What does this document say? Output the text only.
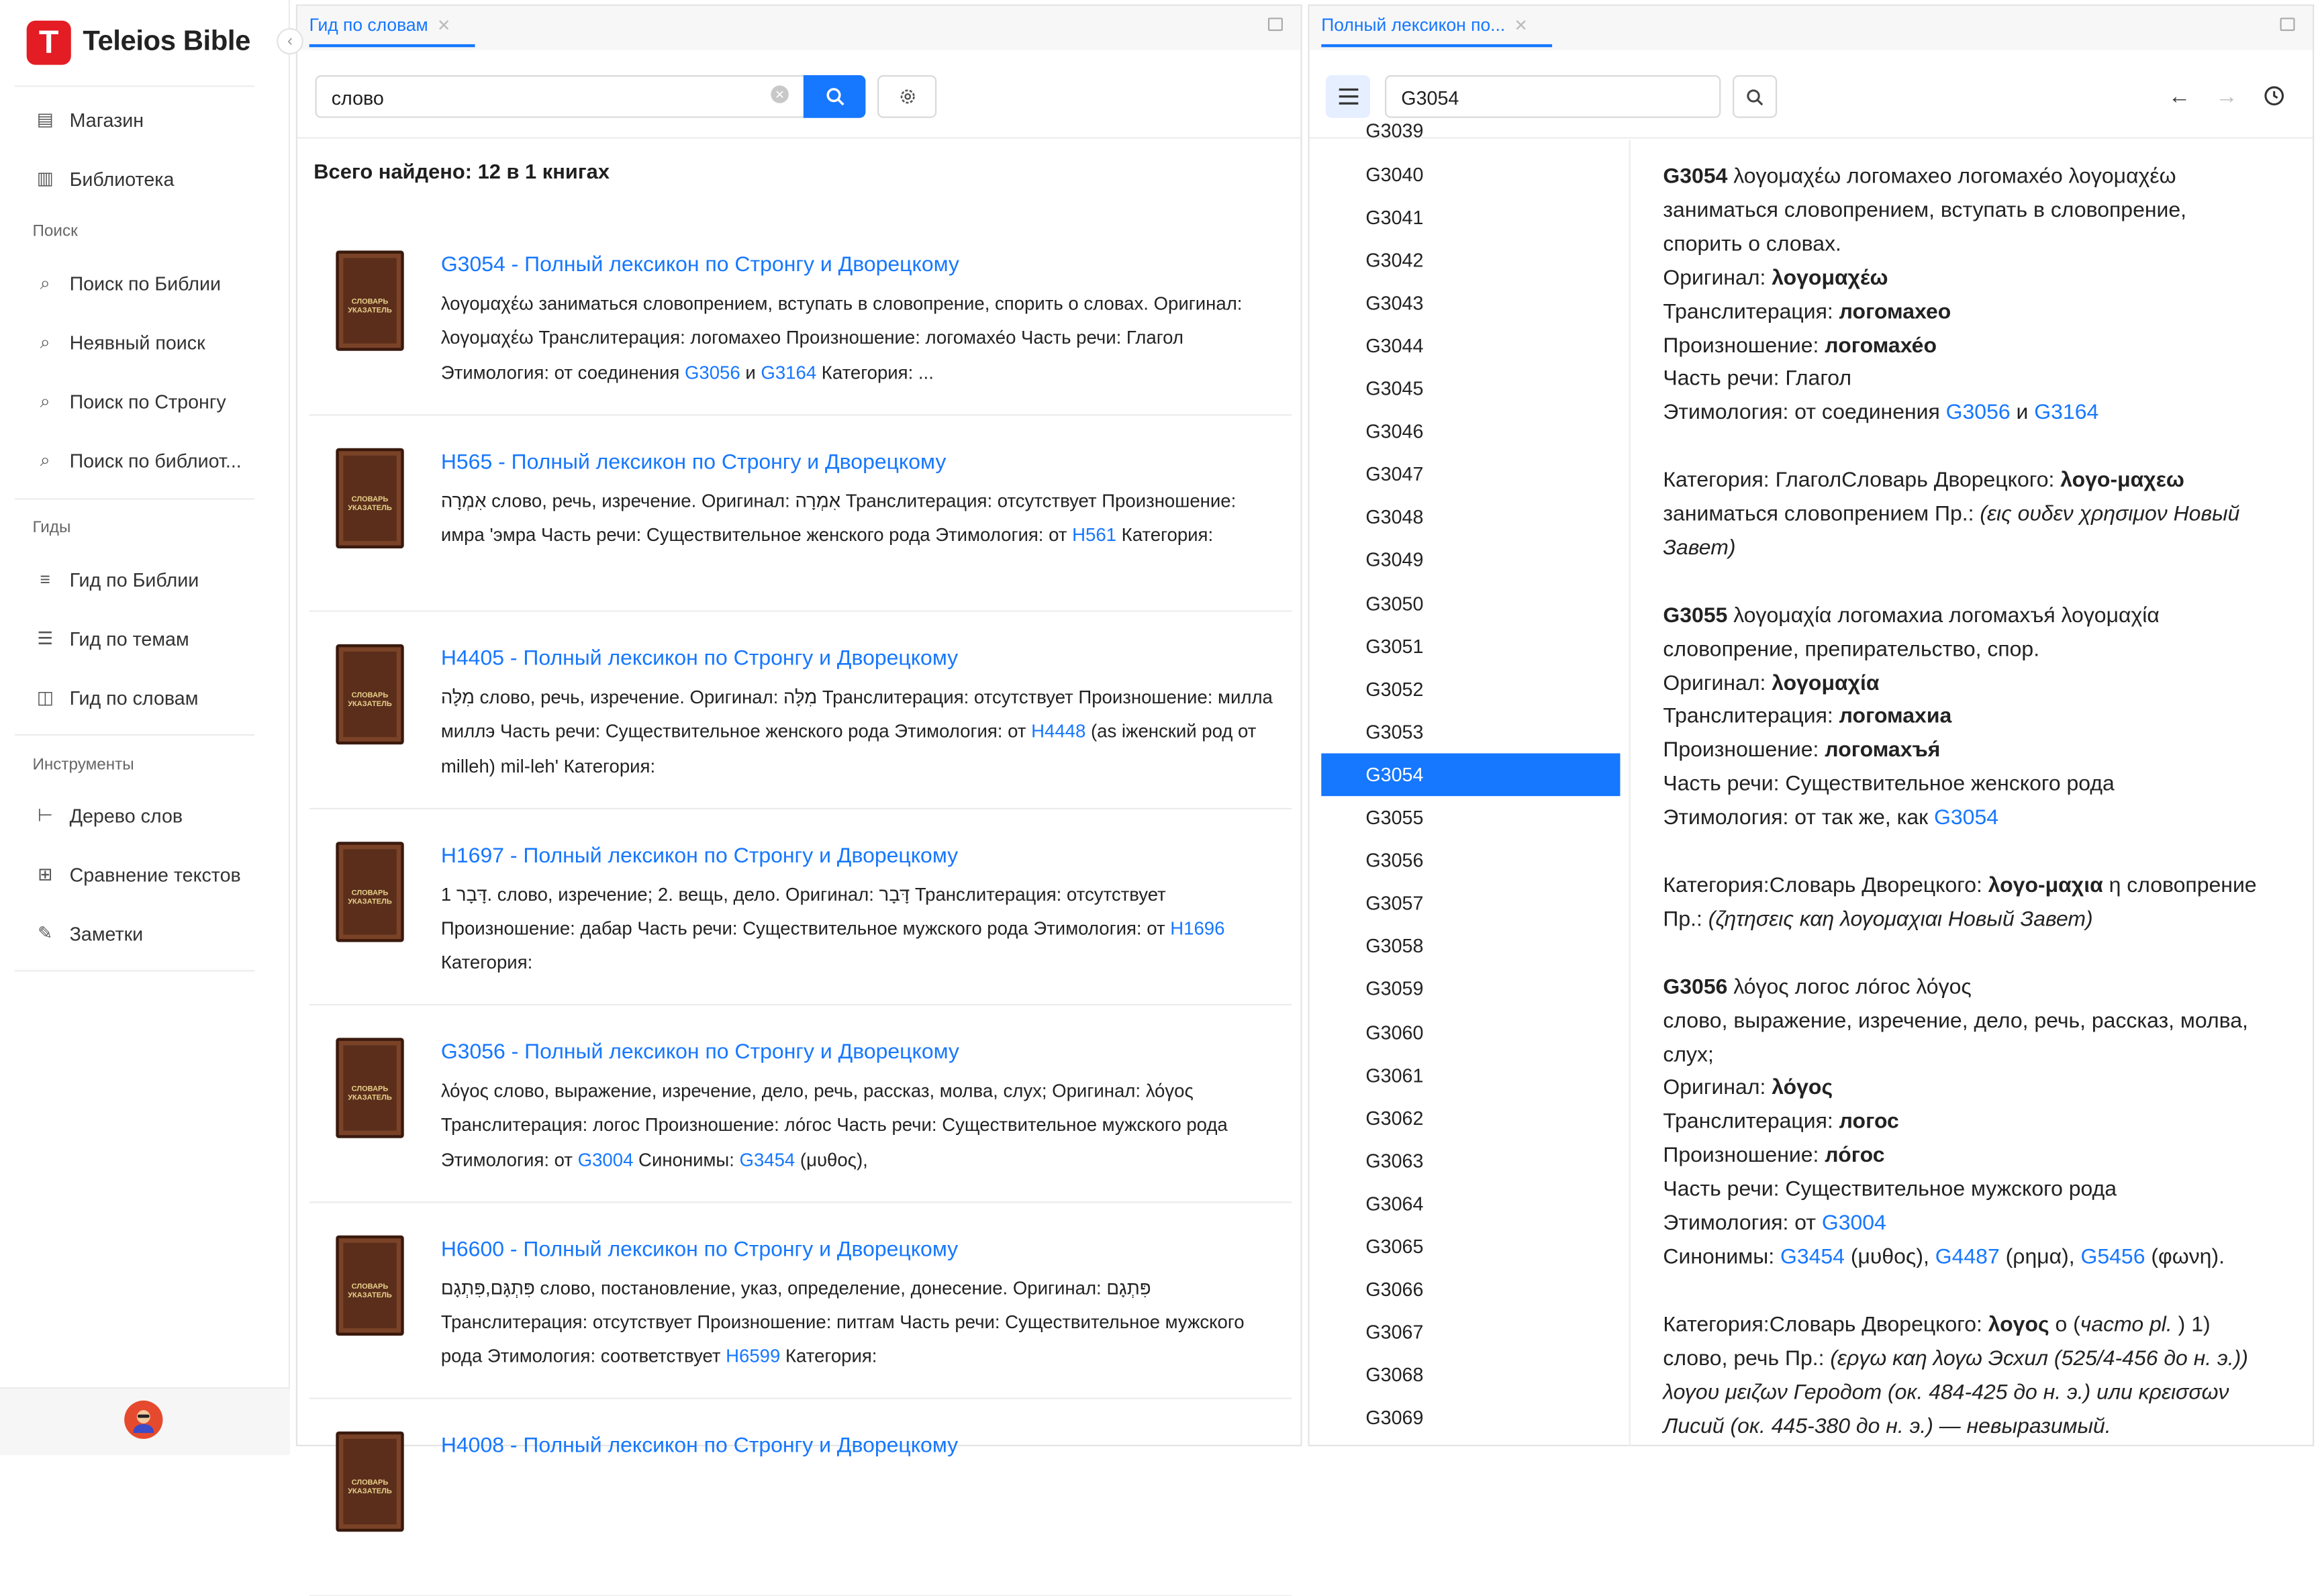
T	Teleios Bible
▤ Магазин
▥ Библиотека
Поиск
⌕	Поиск по Библии
⌕	Неявный поиск
⌕	Поиск по Стронгу
⌕	Поиск по библиот...
Гиды
≡	Гид по Библии
☰ Гид по темам
◫ Гид по словам
Инструменты
⊢ Дерево слов
⊞ Сравнение текстов
✎ Заметки
‹
Гид по словам ✕
слово	✕
Всего найдено: 12 в 1 книгах
СЛОВАРЬ УКАЗАТЕЛЬ
G3054 - Полный лексикон по Стронгу и Дворецкому
λογομαχέω заниматься словопрением, вступать в словопрение, спорить о словах. Оригинал: λογομαχέω Транслитерация: логомахео Произношение: логомахе́о Часть речи: Глагол Этимология: от соединения G3056 и G3164 Категория: ...
СЛОВАРЬ УКАЗАТЕЛЬ
H565 - Полный лексикон по Стронгу и Дворецкому
אִמְרָה слово, речь, изречение. Оригинал: אִמְרָה Транслитерация: отсутствует Произношение: имра 'эмра Часть речи: Существительное женского рода Этимология: от H561 Категория:
СЛОВАРЬ УКАЗАТЕЛЬ
H4405 - Полный лексикон по Стронгу и Дворецкому
מִלָּה слово, речь, изречение. Оригинал: מִלָּה Транслитерация: отсутствует Произношение: милла миллэ Часть речи: Существительное женского рода Этимология: от H4448 (as iженский род от milleh) mil-leh' Категория:
СЛОВАРЬ УКАЗАТЕЛЬ
H1697 - Полный лексикон по Стронгу и Дворецкому
1 דָּבָר. слово, изречение; 2. вещь, дело. Оригинал: דָּבָר Транслитерация: отсутствует Произношение: дабар Часть речи: Существительное мужского рода Этимология: от H1696 Категория:
СЛОВАРЬ УКАЗАТЕЛЬ
G3056 - Полный лексикон по Стронгу и Дворецкому
λόγος слово, выражение, изречение, дело, речь, рассказ, молва, слух; Оригинал: λόγος Транслитерация: логос Произношение: ло́гос Часть речи: Существительное мужского рода Этимология: от G3004 Синонимы: G3454 (μυθος),
СЛОВАРЬ УКАЗАТЕЛЬ
H6600 - Полный лексикон по Стронгу и Дворецкому
פִּתְגָּם,פִּתְגָם слово, постановление, указ, определение, донесение. Оригинал: פִּתְגָם Транслитерация: отсутствует Произношение: питгам Часть речи: Существительное мужского рода Этимология: соответствует H6599 Категория:
СЛОВАРЬ УКАЗАТЕЛЬ
H4008 - Полный лексикон по Стронгу и Дворецкому
Полный лексикон по... ✕
G3054	← →
G3039
G3040
G3041
G3042
G3043
G3044
G3045
G3046
G3047
G3048
G3049
G3050
G3051
G3052
G3053
G3054
G3055
G3056
G3057
G3058
G3059
G3060
G3061
G3062
G3063
G3064
G3065
G3066
G3067
G3068
G3069
G3054 λογομαχέω логомахео логомахе́о λογομαχέω
заниматься словопрением, вступать в словопрение,
спорить о словах.
Оригинал: λογομαχέω
Транслитерация: логомахео
Произношение: логомахе́о
Часть речи: Глагол
Этимология: от соединения G3056 и G3164

Категория: ГлаголСловарь Дворецкого: λογο-μαχεω
заниматься словопрением Пр.: (εις ουδεν χρησιμον Новый
Завет)
G3055 λογομαχία логомахиа логомахъя́ λογομαχία
словопрение, препирательство, спор.
Оригинал: λογομαχία
Транслитерация: логомахиа
Произношение: логомахъя́
Часть речи: Существительное женского рода
Этимология: от так же, как G3054

Категория:Словарь Дворецкого: λογο-μαχια η словопрение
Пр.: (ζητησεις καη λογομαχιαι Новый Завет)
G3056 λόγος логос ло́гос λόγος
слово, выражение, изречение, дело, речь, рассказ, молва,
слух;
Оригинал: λόγος
Транслитерация: логос
Произношение: ло́гос
Часть речи: Существительное мужского рода
Этимология: от G3004
Синонимы: G3454 (μυθος), G4487 (ρημα), G5456 (φωνη).

Категория:Словарь Дворецкого: λογος ο (часто pl. ) 1)
слово, речь Пр.: (εργω καη λογω Эсхил (525/4-456 до н. э.))
λογου μειζων Геродот (ок. 484-425 до н. э.) или κρεισσων
Лисий (ок. 445-380 до н. э.) — невыразимый.
